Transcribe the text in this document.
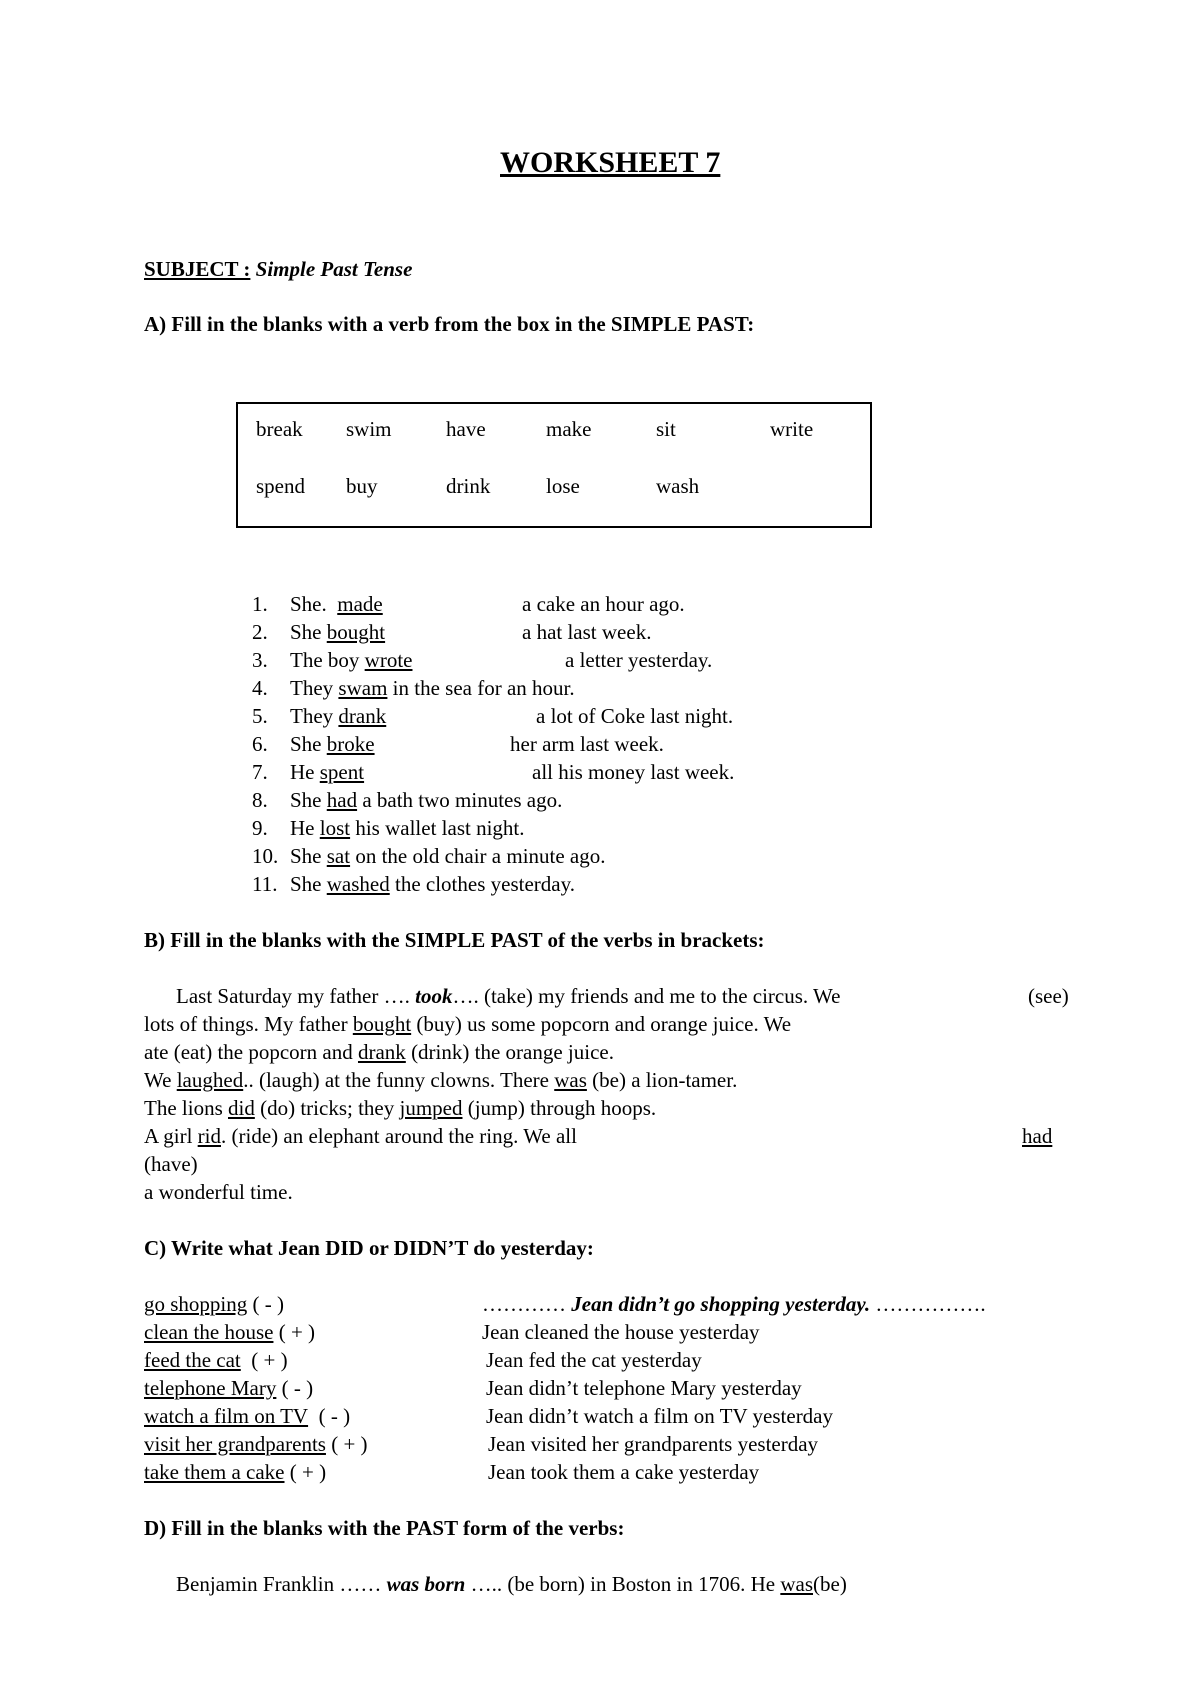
WORKSHEET 7
SUBJECT : Simple Past Tense
A) Fill in the blanks with a verb from the box in the SIMPLE PAST:
break swim	have	make	sit	write
spend buy	drink	lose	wash
1. She. made	a cake an hour ago.
2. She bought	a hat last week.
3. The boy wrote	a letter yesterday.
4. They swam in the sea for an hour.
5. They drank	a lot of Coke last night.
6. She broke	her arm last week.
7. He spent	all his money last week.
8. She had a bath two minutes ago.
9. He lost his wallet last night.
10. She sat on the old chair a minute ago.
11. She washed the clothes yesterday.
B) Fill in the blanks with the SIMPLE PAST of the verbs in brackets:
Last Saturday my father …. took…. (take) my friends and me to the circus. We	(see)
lots of things. My father bought (buy) us some popcorn and orange juice. We
ate (eat) the popcorn and drank (drink) the orange juice.
We laughed.. (laugh) at the funny clowns. There was (be) a lion-tamer.
The lions did (do) tricks; they jumped (jump) through hoops.
A girl rid. (ride) an elephant around the ring. We all	had
(have)
a wonderful time.
C) Write what Jean DID or DIDN’T do yesterday:
go shopping ( - )	………… Jean didn’t go shopping yesterday. …………….
clean the house ( + )	Jean cleaned the house yesterday
feed the cat ( + )	Jean fed the cat yesterday
telephone Mary ( - )	Jean didn’t telephone Mary yesterday
watch a film on TV ( - )	Jean didn’t watch a film on TV yesterday
visit her grandparents ( + )	Jean visited her grandparents yesterday
take them a cake ( + )	Jean took them a cake yesterday
D) Fill in the blanks with the PAST form of the verbs:
Benjamin Franklin …… was born ….. (be born) in Boston in 1706. He was(be)
